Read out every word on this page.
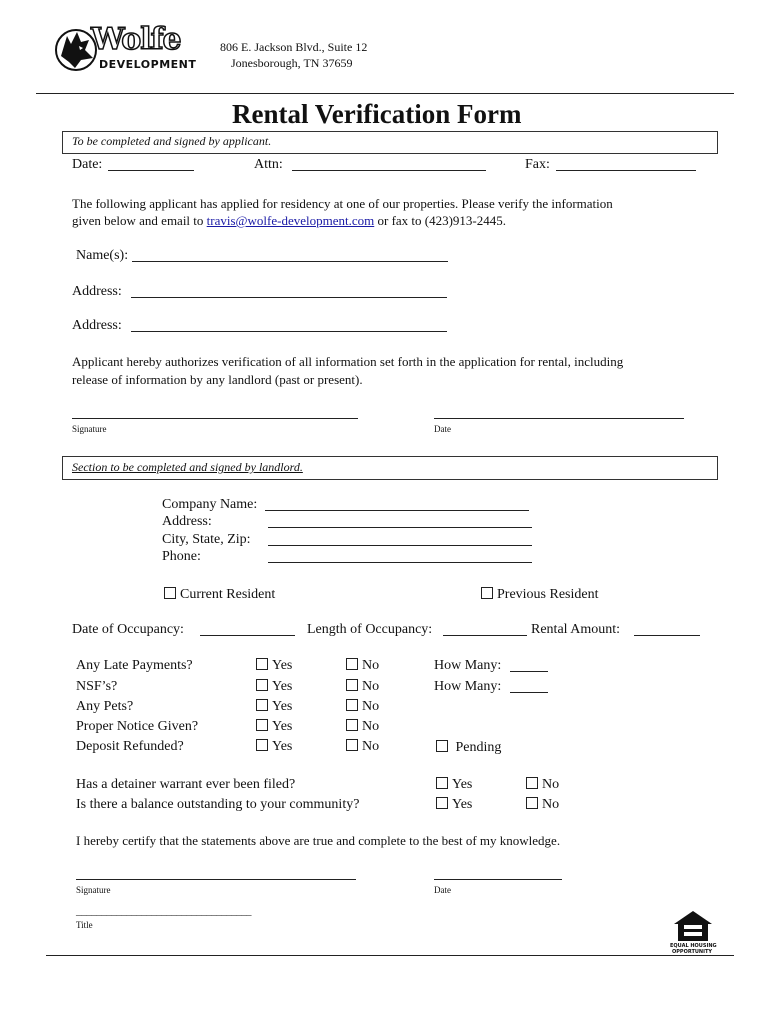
Wolfe
DEVELOPMENT
806 E. Jackson Blvd., Suite 12
Jonesborough, TN 37659
Rental Verification Form
To be completed and signed by applicant.
Date:	Attn:	Fax:
The following applicant has applied for residency at one of our properties. Please verify the information
given below and email to travis@wolfe-development.com or fax to (423)913-2445.
Name(s):
Address:
Address:
Applicant hereby authorizes verification of all information set forth in the application for rental, including
release of information by any landlord (past or present).
Signature	Date
Section to be completed and signed by landlord.
Company Name:
Address:
City, State, Zip:
Phone:
Current Resident	Previous Resident
Date of Occupancy:	Length of Occupancy:	Rental Amount:
Any Late Payments?	Yes	No	How Many:
NSF’s?	Yes	No	How Many:
Any Pets?	Yes	No
Proper Notice Given?	Yes	No
Deposit Refunded?	Yes	No	Pending
Has a detainer warrant ever been filed?	Yes	No
Is there a balance outstanding to your community?	Yes	No
I hereby certify that the statements above are true and complete to the best of my knowledge.
Signature	Date
___________________________________
Title
EQUAL HOUSING
OPPORTUNITY
